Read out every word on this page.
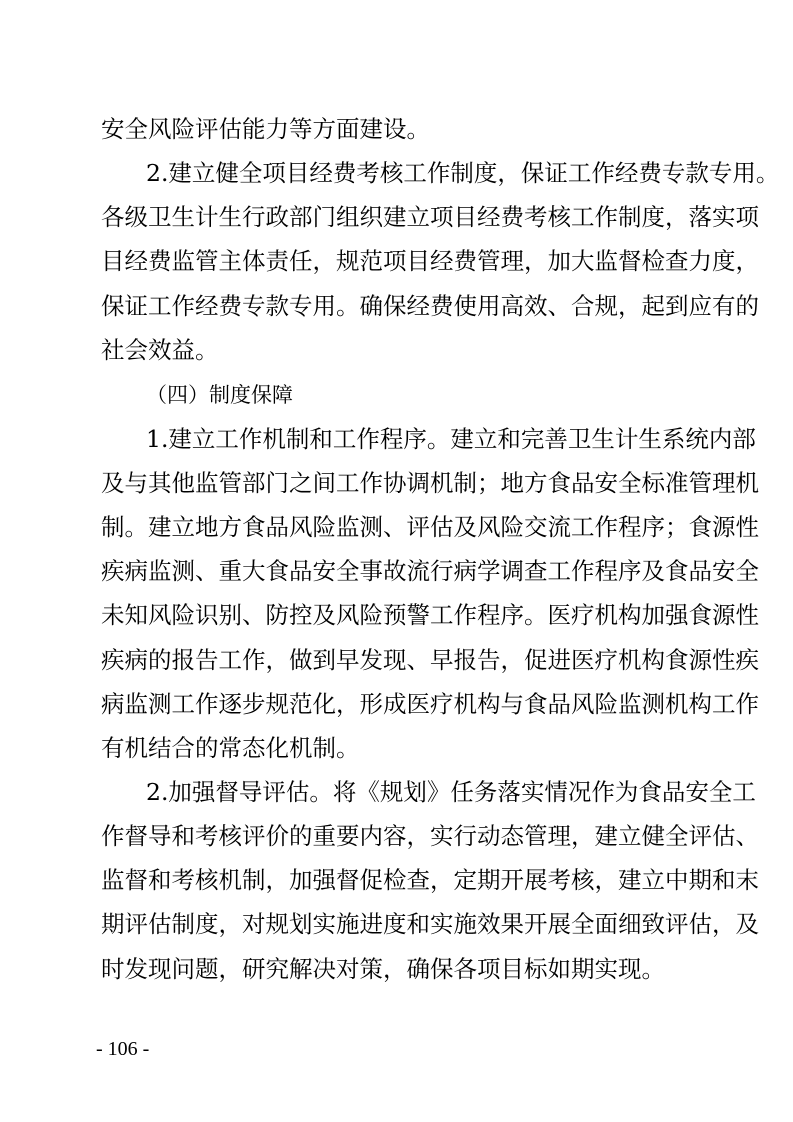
安全风险评估能力等方面建设。
2.建立健全项目经费考核工作制度，保证工作经费专款专用。
各级卫生计生行政部门组织建立项目经费考核工作制度，落实项
目经费监管主体责任，规范项目经费管理，加大监督检查力度，
保证工作经费专款专用。确保经费使用高效、合规，起到应有的
社会效益。
（四）制度保障
1.建立工作机制和工作程序。建立和完善卫生计生系统内部
及与其他监管部门之间工作协调机制；地方食品安全标准管理机
制。建立地方食品风险监测、评估及风险交流工作程序；食源性
疾病监测、重大食品安全事故流行病学调查工作程序及食品安全
未知风险识别、防控及风险预警工作程序。医疗机构加强食源性
疾病的报告工作，做到早发现、早报告，促进医疗机构食源性疾
病监测工作逐步规范化，形成医疗机构与食品风险监测机构工作
有机结合的常态化机制。
2.加强督导评估。将《规划》任务落实情况作为食品安全工
作督导和考核评价的重要内容，实行动态管理，建立健全评估、
监督和考核机制，加强督促检查，定期开展考核，建立中期和末
期评估制度，对规划实施进度和实施效果开展全面细致评估，及
时发现问题，研究解决对策，确保各项目标如期实现。
- 106 -
